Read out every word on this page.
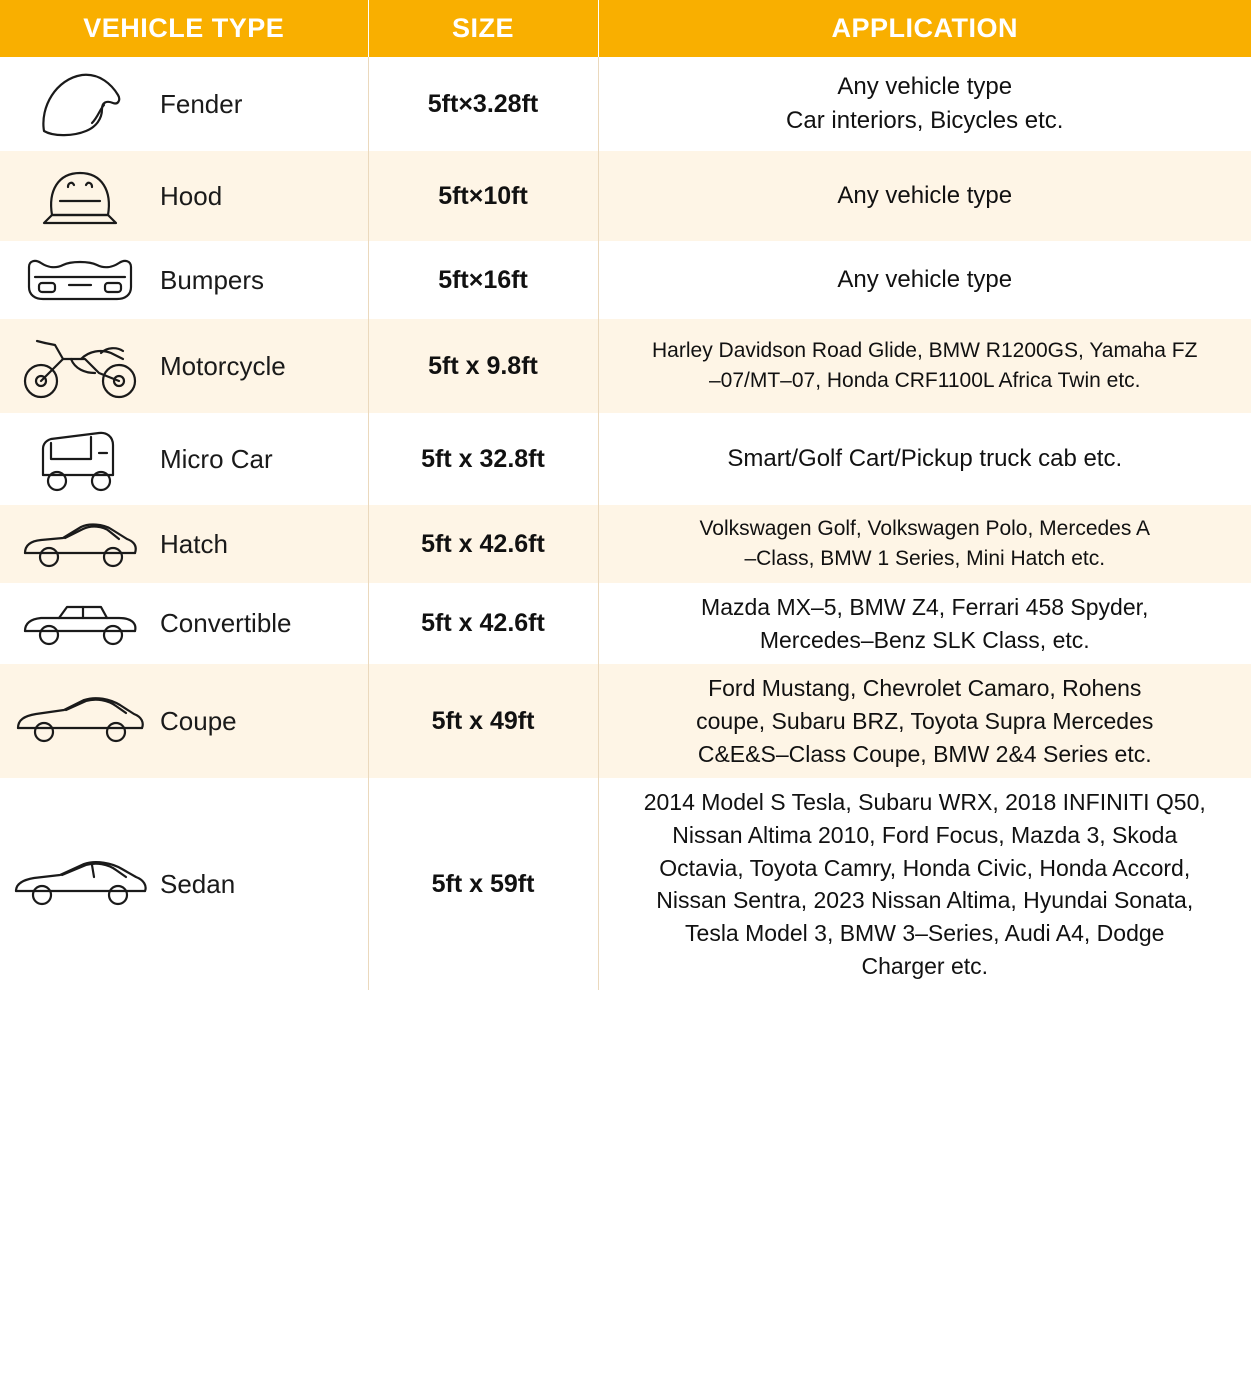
VEHICLE TYPE	SIZE	APPLICATION

Fender	5ft×3.28ft	Any vehicle type
Car interiors, Bicycles etc.

Hood	5ft×10ft	Any vehicle type

Bumpers	5ft×16ft	Any vehicle type

Motorcycle	5ft x 9.8ft	Harley Davidson Road Glide, BMW R1200GS, Yamaha FZ
–07/MT–07, Honda CRF1100L Africa Twin etc.

Micro Car	5ft x 32.8ft	Smart/Golf Cart/Pickup truck cab etc.

Hatch	5ft x 42.6ft	Volkswagen Golf, Volkswagen Polo, Mercedes A
–Class, BMW 1 Series, Mini Hatch etc.

Convertible	5ft x 42.6ft	Mazda MX–5, BMW Z4, Ferrari 458 Spyder,
Mercedes–Benz SLK Class, etc.

Coupe	5ft x 49ft	Ford Mustang, Chevrolet Camaro, Rohens
coupe, Subaru BRZ, Toyota Supra Mercedes
C&E&S–Class Coupe, BMW 2&4 Series etc.

Sedan	5ft x 59ft	
2014 Model S Tesla, Subaru WRX, 2018 INFINITI Q50,
Nissan Altima 2010, Ford Focus, Mazda 3, Skoda
Octavia, Toyota Camry, Honda Civic, Honda Accord,
Nissan Sentra, 2023 Nissan Altima, Hyundai Sonata,
Tesla Model 3, BMW 3–Series, Audi A4, Dodge
Charger etc.
